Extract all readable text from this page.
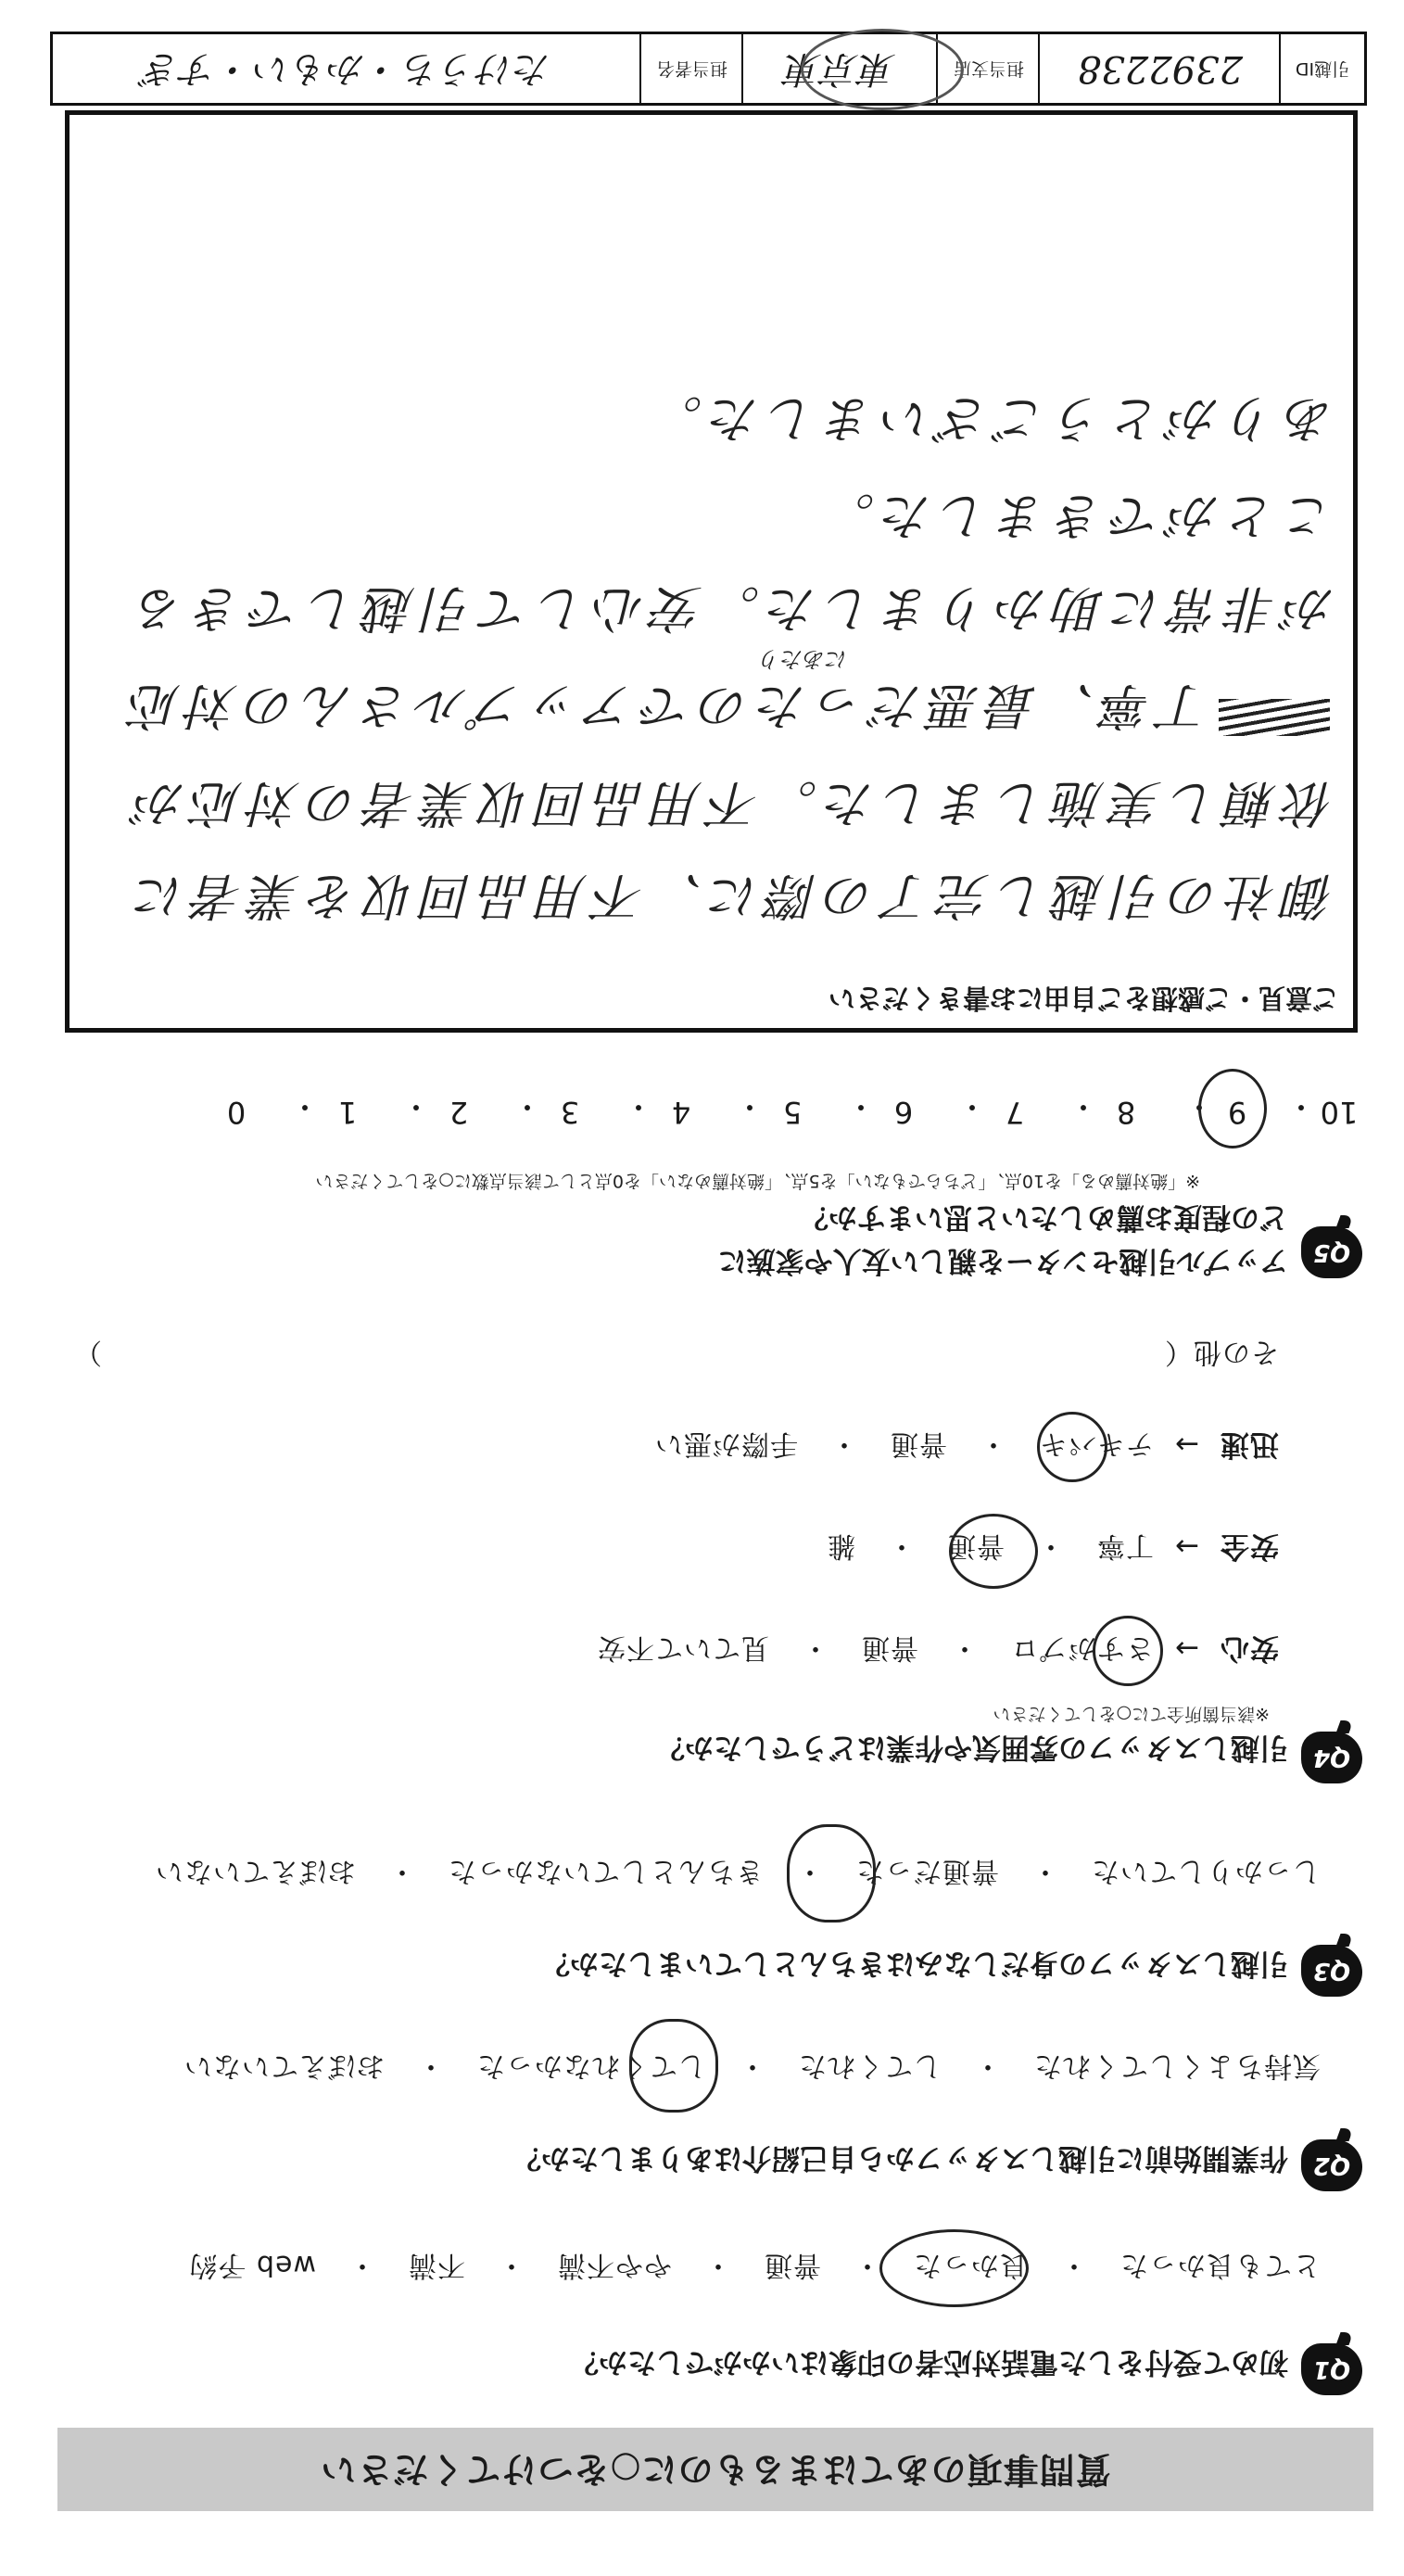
質問事項のあてはまるものに○をつけてください
Q1
初めて受付をした電話対応者の印象はいかがでしたか？
とても良かった・良かった・普通・やや不満・不満・web 予約
Q2
作業開始前に引越しスタッフから自己紹介はありましたか？
気持ちよくしてくれた・してくれた・してくれなかった・おぼえていない
Q3
引越しスタッフの身だしなみはきちんとしていましたか？
しっかりしていた・普通だった・きちんとしていなかった・おぼえていない
Q4
引越しスタッフの雰囲気や作業はどうでしたか？
※該当箇所全てに○をしてください
安心→さすがプロ・普通・見ていて不安
安全→丁寧・普通・雑
迅速→テキパキ・普通・手際が悪い
その他（
）
Q5
アップル引越センターを親しい友人や家族に
どの程度お薦めしたいと思いますか？
※「絶対薦める」を10点、「どちらでもない」を5点、「絶対薦めない」を0点として該当点数に○をしてください
10
・
9
・
8
・
7
・
6
・
5
・
4
・
3
・
2
・
1
・
0
ご意見・ご感想をご自由にお書きください
御社の引越し完了の際に、不用品回収を業者に
依頼し実施しました。不用品回収業者の対応が
丁寧、最悪だったのでアップルさんの対応
にあたり
が非常に助かりました。安心して引越しできる
ことができました。
ありがとうございました。
引越ID
2392238
担当支店
東京東
担当者名
たけうち・かもい・すぎ
